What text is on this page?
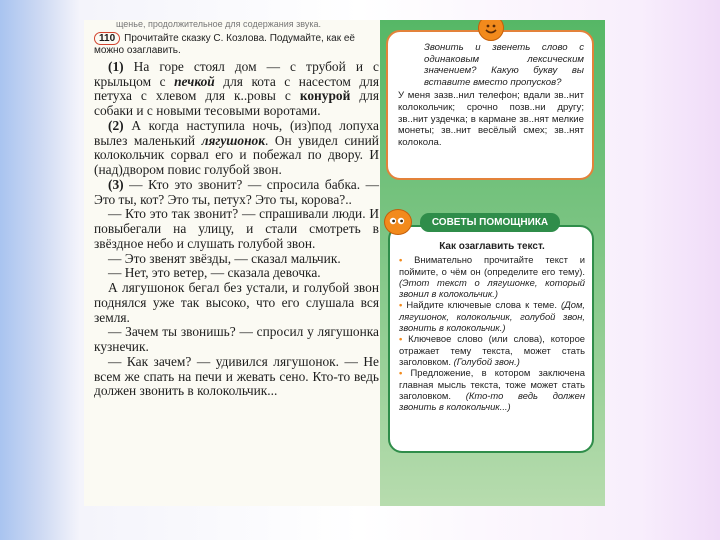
щенье, продолжительное для содержания звука.
110 Прочитайте сказку С. Козлова. Подумайте, как её можно озаглавить.

(1) На горе стоял дом — с трубой и с крыльцом с печкой для кота с насестом для петуха с хлевом для к..ровы с конурой для собаки и с новыми тесовыми воротами.

(2) А когда наступила ночь, (из)под лопуха вылез маленький лягушонок. Он увидел синий колокольчик сорвал его и побежал по двору. И (над)двором повис голубой звон.

(3) — Кто это звонит? — спросила бабка. — Это ты, кот? Это ты, петух? Это ты, корова?..

— Кто это так звонит? — спрашивали люди. И повыбегали на улицу, и стали смотреть в звёздное небо и слушать голубой звон.

— Это звенят звёзды, — сказал мальчик.

— Нет, это ветер, — сказала девочка.

А лягушонок бегал без устали, и голубой звон поднялся уже так высоко, что его слушала вся земля.

— Зачем ты звонишь? — спросил у лягушонка кузнечик.

— Как зачем? — удивился лягушонок. — Не всем же спать на печи и жевать сено. Кто-то ведь должен звонить в колокольчик...

Звонить и звенеть слово с одинаковым лексическим значением? Какую букву вы вставите вместо пропусков?
У меня зазв..нил телефон; вдали зв..нит колокольчик; срочно позв..ни другу; зв..нит уздечка; в кармане зв..нят мелкие монеты; зв..нит весёлый смех; зв..нят колокола.
Как озаглавить текст.

• Внимательно прочитайте текст и поймите, о чём он (определите его тему). (Этот текст о лягушонке, который звонил в колокольчик.)

• Найдите ключевые слова к теме. (Дом, лягушонок, колокольчик, голубой звон, звонить в колокольчик.)

• Ключевое слово (или слова), которое отражает тему текста, может стать заголовком. (Голубой звон.)

• Предложение, в котором заключена главная мысль текста, тоже может стать заголовком. (Кто-то ведь должен звонить в колокольчик...)

СОВЕТЫ ПОМОЩНИКА
